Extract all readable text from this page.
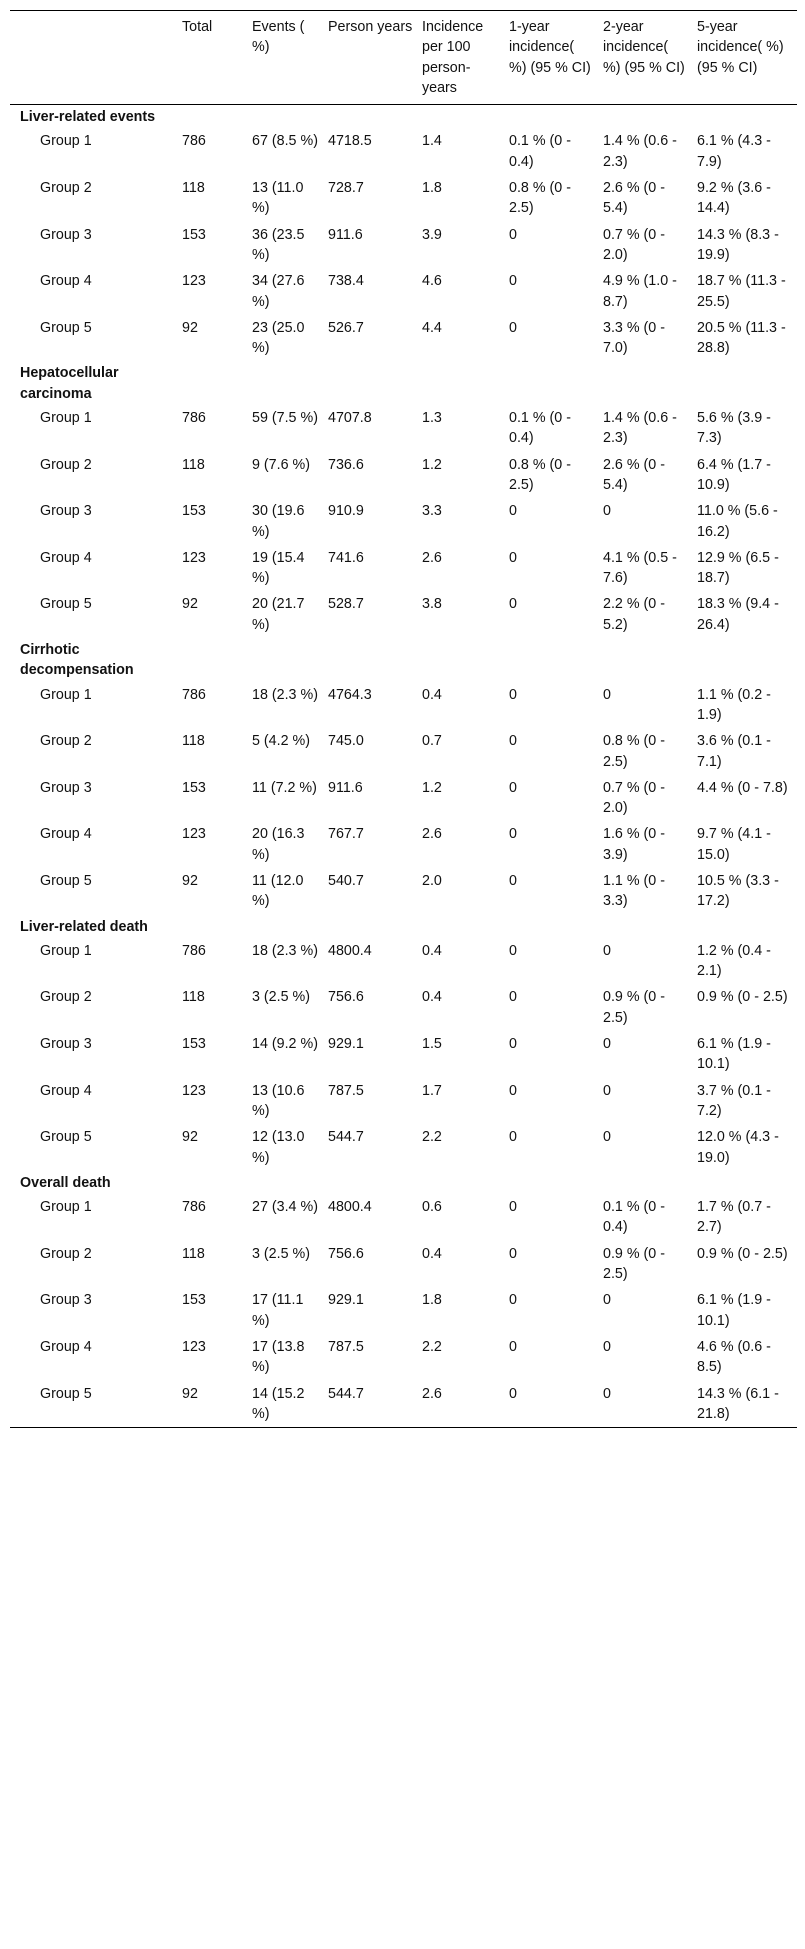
	Total	Events ( %)	Person years	Incidence per 100 person-years	1-year incidence( %) (95 % CI)	2-year incidence( %) (95 % CI)	5-year incidence( %) (95 % CI)
Liver-related events							
Group 1	786	67 (8.5 %)	4718.5	1.4	0.1 % (0 - 0.4)	1.4 % (0.6 - 2.3)	6.1 % (4.3 - 7.9)
Group 2	118	13 (11.0 %)	728.7	1.8	0.8 % (0 - 2.5)	2.6 % (0 - 5.4)	9.2 % (3.6 - 14.4)
Group 3	153	36 (23.5 %)	911.6	3.9	0	0.7 % (0 - 2.0)	14.3 % (8.3 - 19.9)
Group 4	123	34 (27.6 %)	738.4	4.6	0	4.9 % (1.0 - 8.7)	18.7 % (11.3 - 25.5)
Group 5	92	23 (25.0 %)	526.7	4.4	0	3.3 % (0 - 7.0)	20.5 % (11.3 - 28.8)
Hepatocellular carcinoma							
Group 1	786	59 (7.5 %)	4707.8	1.3	0.1 % (0 - 0.4)	1.4 % (0.6 - 2.3)	5.6 % (3.9 - 7.3)
Group 2	118	9 (7.6 %)	736.6	1.2	0.8 % (0 - 2.5)	2.6 % (0 - 5.4)	6.4 % (1.7 - 10.9)
Group 3	153	30 (19.6 %)	910.9	3.3	0	0	11.0 % (5.6 - 16.2)
Group 4	123	19 (15.4 %)	741.6	2.6	0	4.1 % (0.5 - 7.6)	12.9 % (6.5 - 18.7)
Group 5	92	20 (21.7 %)	528.7	3.8	0	2.2 % (0 - 5.2)	18.3 % (9.4 - 26.4)
Cirrhotic decompensation							
Group 1	786	18 (2.3 %)	4764.3	0.4	0	0	1.1 % (0.2 - 1.9)
Group 2	118	5 (4.2 %)	745.0	0.7	0	0.8 % (0 - 2.5)	3.6 % (0.1 - 7.1)
Group 3	153	11 (7.2 %)	911.6	1.2	0	0.7 % (0 - 2.0)	4.4 % (0 - 7.8)
Group 4	123	20 (16.3 %)	767.7	2.6	0	1.6 % (0 - 3.9)	9.7 % (4.1 - 15.0)
Group 5	92	11 (12.0 %)	540.7	2.0	0	1.1 % (0 - 3.3)	10.5 % (3.3 - 17.2)
Liver-related death							
Group 1	786	18 (2.3 %)	4800.4	0.4	0	0	1.2 % (0.4 - 2.1)
Group 2	118	3 (2.5 %)	756.6	0.4	0	0.9 % (0 - 2.5)	0.9 % (0 - 2.5)
Group 3	153	14 (9.2 %)	929.1	1.5	0	0	6.1 % (1.9 - 10.1)
Group 4	123	13 (10.6 %)	787.5	1.7	0	0	3.7 % (0.1 - 7.2)
Group 5	92	12 (13.0 %)	544.7	2.2	0	0	12.0 % (4.3 - 19.0)
Overall death							
Group 1	786	27 (3.4 %)	4800.4	0.6	0	0.1 % (0 - 0.4)	1.7 % (0.7 - 2.7)
Group 2	118	3 (2.5 %)	756.6	0.4	0	0.9 % (0 - 2.5)	0.9 % (0 - 2.5)
Group 3	153	17 (11.1 %)	929.1	1.8	0	0	6.1 % (1.9 - 10.1)
Group 4	123	17 (13.8 %)	787.5	2.2	0	0	4.6 % (0.6 - 8.5)
Group 5	92	14 (15.2 %)	544.7	2.6	0	0	14.3 % (6.1 - 21.8)
